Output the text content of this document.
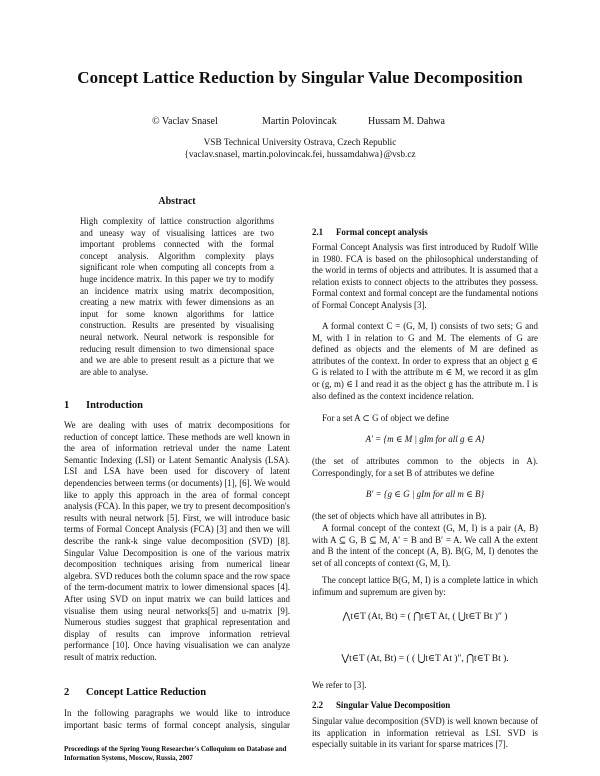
Concept Lattice Reduction by Singular Value Decomposition
© Vaclav Snasel	Martin Polovincak	Hussam M. Dahwa
VSB Technical University Ostrava, Czech Republic
{vaclav.snasel, martin.polovincak.fei, hussamdahwa}@vsb.cz
Abstract
High complexity of lattice construction algorithms and uneasy way of visualising lattices are two important problems connected with the formal concept analysis. Algorithm complexity plays significant role when computing all concepts from a huge incidence matrix. In this paper we try to modify an incidence matrix using matrix decomposition, creating a new matrix with fewer dimensions as an input for some known algorithms for lattice construction. Results are presented by visualising neural network. Neural network is responsible for reducing result dimension to two dimensional space and we are able to present result as a picture that we are able to analyse.
1 Introduction
We are dealing with uses of matrix decompositions for reduction of concept lattice. These methods are well known in the area of information retrieval under the name Latent Semantic Indexing (LSI) or Latent Semantic Analysis (LSA). LSI and LSA have been used for discovery of latent dependencies between terms (or documents) [1], [6]. We would like to apply this approach in the area of formal concept analysis (FCA). In this paper, we try to present decomposition's results with neural network [5]. First, we will introduce basic terms of Formal Concept Analysis (FCA) [3] and then we will describe the rank-k singe value decomposition (SVD) [8]. Singular Value Decomposition is one of the various matrix decomposition techniques arising from numerical linear algebra. SVD reduces both the column space and the row space of the term-document matrix to lower dimensional spaces [4]. After using SVD on input matrix we can build lattices and visualise them using neural networks[5] and u-matrix [9]. Numerous studies suggest that graphical representation and display of results can improve information retrieval performance [10]. Once having visualisation we can analyze result of matrix reduction.
2 Concept Lattice Reduction
In the following paragraphs we would like to introduce important basic terms of formal concept analysis, singular
Proceedings of the Spring Young Researcher's Colloquium on Database and Information Systems, Moscow, Russia, 2007
2.1 Formal concept analysis
Formal Concept Analysis was first introduced by Rudolf Wille in 1980. FCA is based on the philosophical understanding of the world in terms of objects and attributes. It is assumed that a relation exists to connect objects to the attributes they possess. Formal context and formal concept are the fundamental notions of Formal Concept Analysis [3].
A formal context C = (G, M, I) consists of two sets; G and M, with I in relation to G and M. The elements of G are defined as objects and the elements of M are defined as attributes of the context. In order to express that an object g ∈ G is related to I with the attribute m ∈ M, we record it as gIm or (g, m) ∈ I and read it as the object g has the attribute m. I is also defined as the context incidence relation.
For a set A ⊂ G of object we define
A′ = {m ∈ M | gIm for all g ∈ A}
(the set of attributes common to the objects in A). Correspondingly, for a set B of attributes we define
B′ = {g ∈ G | gIm for all m ∈ B}
(the set of objects which have all attributes in B).
A formal concept of the context (G, M, I) is a pair (A, B) with A ⊆ G, B ⊆ M, A′ = B and B′ = A. We call A the extent and B the intent of the concept (A, B). B(G, M, I) denotes the set of all concepts of context (G, M, I).
The concept lattice B(G, M, I) is a complete lattice in which infimum and supremum are given by:
⋀t∈T (At, Bt) = ( ⋂t∈T At, ( ⋃t∈T Bt )″ )
⋁t∈T (At, Bt) = ( ( ⋃t∈T At )″, ⋂t∈T Bt ).
We refer to [3].
2.2 Singular Value Decomposition
Singular value decomposition (SVD) is well known because of its application in information retrieval as LSI. SVD is especially suitable in its variant for sparse matrices [7].
